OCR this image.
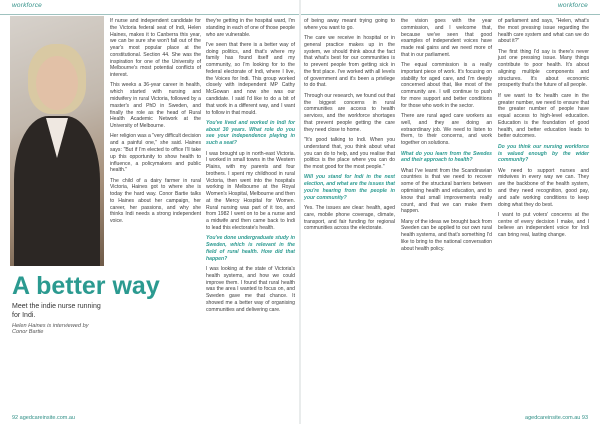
workforce	workforce
A better way
Meet the indie nurse running for Indi.
Helen Haines is interviewed by Conor Bartie

If nurse and independent candidate for the Victoria federal seat of Indi, Helen Haines, makes it to Canberra this year, we can be sure she won't fall out of the year's most popular place at the constitutional. Section 44. She was the inspiration for one of the University of Melbourne's most potential conflicts of interest.

This weeks a 36-year career in health, which started with nursing and midwifery in rural Victoria, followed by a master's and PhD in Sweden, and finally the role as the head of Rural Health Academic Network at the University of Melbourne.

Her religion was a "very difficult decision and a painful one," she said. Haines says: "But if I'm elected to office I'll take up this opportunity to show health to influence, a policymakers and public health."

The child of a dairy farmer in rural Victoria, Haines got to where she is today the hard way. Conor Bartie talks to Haines about her campaign, her career, her passions, and why she thinks Indi needs a strong independent voice.

they're getting in the hospital ward, I'm standing in each of one of those people who are vulnerable.

I've seen that there is a better way of doing politics, and that's where my family has found itself and my community, so I'm looking for to the federal electorate of Indi, where I live, the Voices for Indi. This group worked closely with independent MP Cathy McGowan and now she was our candidate. I said I'd like to do a bit of that work in a different way, and I want to follow in that mould.

You've lived and worked in Indi for about 30 years. What role do you see your independence playing in such a seat?

I was brought up in north-east Victoria. I worked in small towns in the Western Plains, with my parents and four brothers. I spent my childhood in rural Victoria, then went into the hospitals working in Melbourne at the Royal Women's Hospital, Melbourne and then at the Mercy Hospital for Women. Rural nursing was part of it too, and from 1982 I went on to be a nurse and a midwife and then came back to Indi to lead this electorate's health.

You've done undergraduate study in Sweden, which is relevant in the field of rural health. How did that happen?

I was looking at the state of Victoria's health systems, and how we could improve them. I found that rural health was the area I wanted to focus on, and Sweden gave me that chance. It showed me a better way of organising communities and delivering care.

of being away meant trying going to where you want to go.

The care we receive in hospital or in general practice makes up in the system, we should think about the fact that what's best for our communities is to prevent people from getting sick in the first place. I've worked with all levels of government and it's been a privilege to do that.

Through our research, we found out that the biggest concerns in rural communities are access to health services, and the workforce shortages that prevent people getting the care they need close to home.

"It's good talking to Indi. When you understand that, you think about what you can do to help, and you realise that politics is the place where you can do the most good for the most people."

Will you stand for Indi in the next election, and what are the issues that you're hearing from the people in your community?

Yes. The issues are clear: health, aged care, mobile phone coverage, climate, transport, and fair funding for regional communities across the electorate.

the vision goes with the year commission, and I welcome that, because we've seen that good examples of independent voices have made real gains and we need more of that in our parliament.

The equal commission is a really important piece of work. It's focusing on stability for aged care, and I'm deeply concerned about that, like most of the community are. I will continue to push for more support and better conditions for those who work in the sector.

There are rural aged care workers as well, and they are doing an extraordinary job. We need to listen to them, to their concerns, and work together on solutions.

What do you learn from the Swedes and their approach to health?

What I've learnt from the Scandinavian countries is that we need to recover some of the structural barriers between optimising health and education, and to know that small improvements really count, and that we can make them happen.

Many of the ideas we brought back from Sweden can be applied to our own rural health systems, and that's something I'd like to bring to the national conversation about health policy.

of parliament and says, "Helen, what's the most pressing issue regarding the health care system and what can we do about it?"

The first thing I'd say is there's never just one pressing issue. Many things contribute to poor health. It's about aligning multiple components and structures. It's about economic prosperity that's the future of all people.

If we want to fix health care in the greater number, we need to ensure that the greater number of people have equal access to high-level education. Education is the foundation of good health, and better education leads to better outcomes.

Do you think our nursing workforce is valued enough by the wider community?

We need to support nurses and midwives in every way we can. They are the backbone of the health system, and they need recognition, good pay, and safe working conditions to keep doing what they do best.

I want to put voters' concerns at the centre of every decision I make, and I believe an independent voice for Indi can bring real, lasting change.

92 agedcareinsite.com.au	agedcareinsite.com.au 93
